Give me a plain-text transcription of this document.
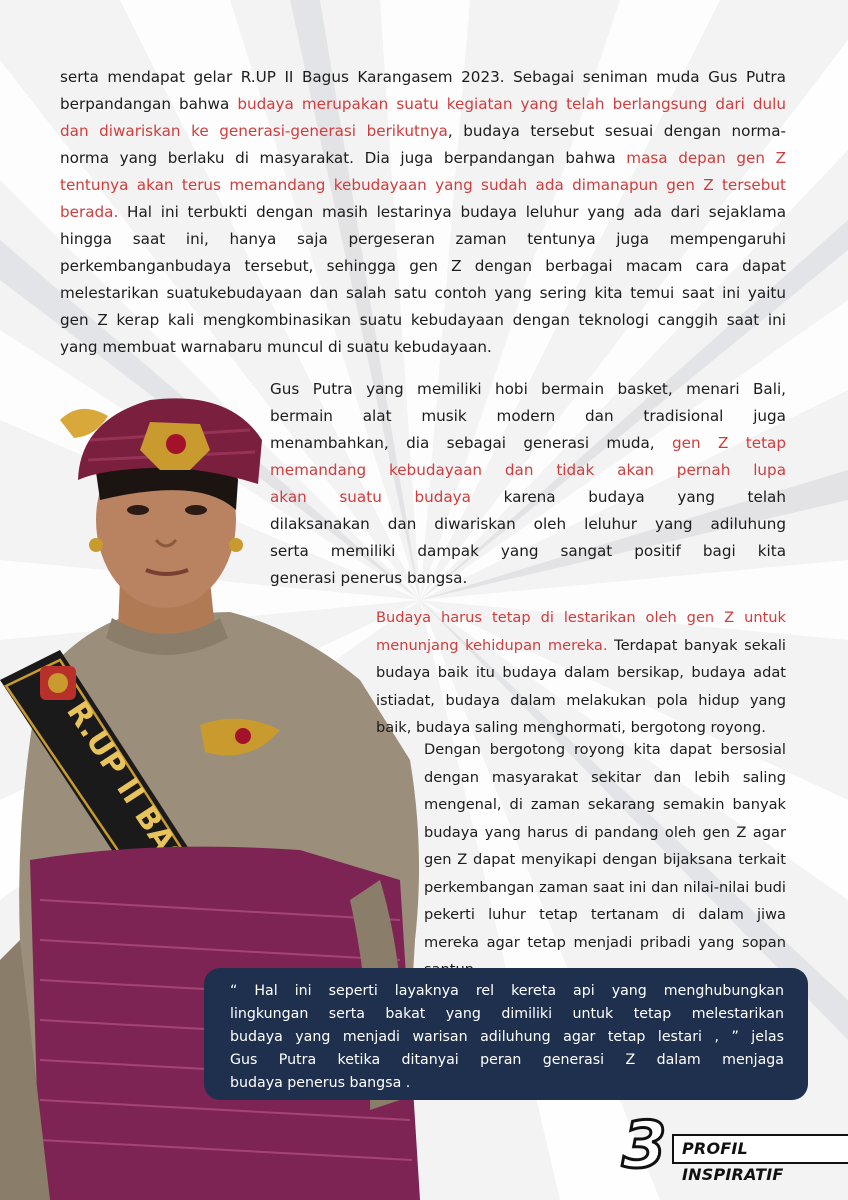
serta mendapat gelar R.UP II Bagus Karangasem 2023. Sebagai seniman muda Gus Putra
berpandangan bahwa budaya merupakan suatu kegiatan yang telah berlangsung dari dulu
dan diwariskan ke generasi-generasi berikutnya, budaya tersebut sesuai dengan norma-
norma yang berlaku di masyarakat. Dia juga berpandangan bahwa masa depan gen Z
tentunya akan terus memandang kebudayaan yang sudah ada dimanapun gen Z tersebut
berada. Hal ini terbukti dengan masih lestarinya budaya leluhur yang ada dari sejaklama
hingga saat ini, hanya saja pergeseran zaman tentunya juga mempengaruhi
perkembanganbudaya tersebut, sehingga gen Z dengan berbagai macam cara dapat
melestarikan suatukebudayaan dan salah satu contoh yang sering kita temui saat ini yaitu
gen Z kerap kali mengkombinasikan suatu kebudayaan dengan teknologi canggih saat ini
yang membuat warnabaru muncul di suatu kebudayaan.
Gus Putra yang memiliki hobi bermain basket, menari Bali,
bermain alat musik modern dan tradisional juga
menambahkan, dia sebagai generasi muda, gen Z tetap
memandang kebudayaan dan tidak akan pernah lupa
akan suatu budaya karena budaya yang telah
dilaksanakan dan diwariskan oleh leluhur yang adiluhung
serta memiliki dampak yang sangat positif bagi kita
generasi penerus bangsa.
Budaya harus tetap di lestarikan oleh gen Z untuk
menunjang kehidupan mereka. Terdapat banyak sekali
budaya baik itu budaya dalam bersikap, budaya adat
istiadat, budaya dalam melakukan pola hidup yang
baik, budaya saling menghormati, bergotong royong.
Dengan bergotong royong kita dapat bersosial
dengan masyarakat sekitar dan lebih saling
mengenal, di zaman sekarang semakin banyak
budaya yang harus di pandang oleh gen Z agar
gen Z dapat menyikapi dengan bijaksana terkait
perkembangan zaman saat ini dan nilai-nilai budi
pekerti luhur tetap tertanam di dalam jiwa
mereka agar tetap menjadi pribadi yang sopan
“ Hal ini seperti layaknya rel kereta api yang menghubungkan
lingkungan serta bakat yang dimiliki untuk tetap melestarikan
budaya yang menjadi warisan adiluhung agar tetap lestari , ” jelas
Gus Putra ketika ditanyai peran generasi Z dalam menjaga
budaya penerus bangsa .
3 PROFIL INSPIRATIF
